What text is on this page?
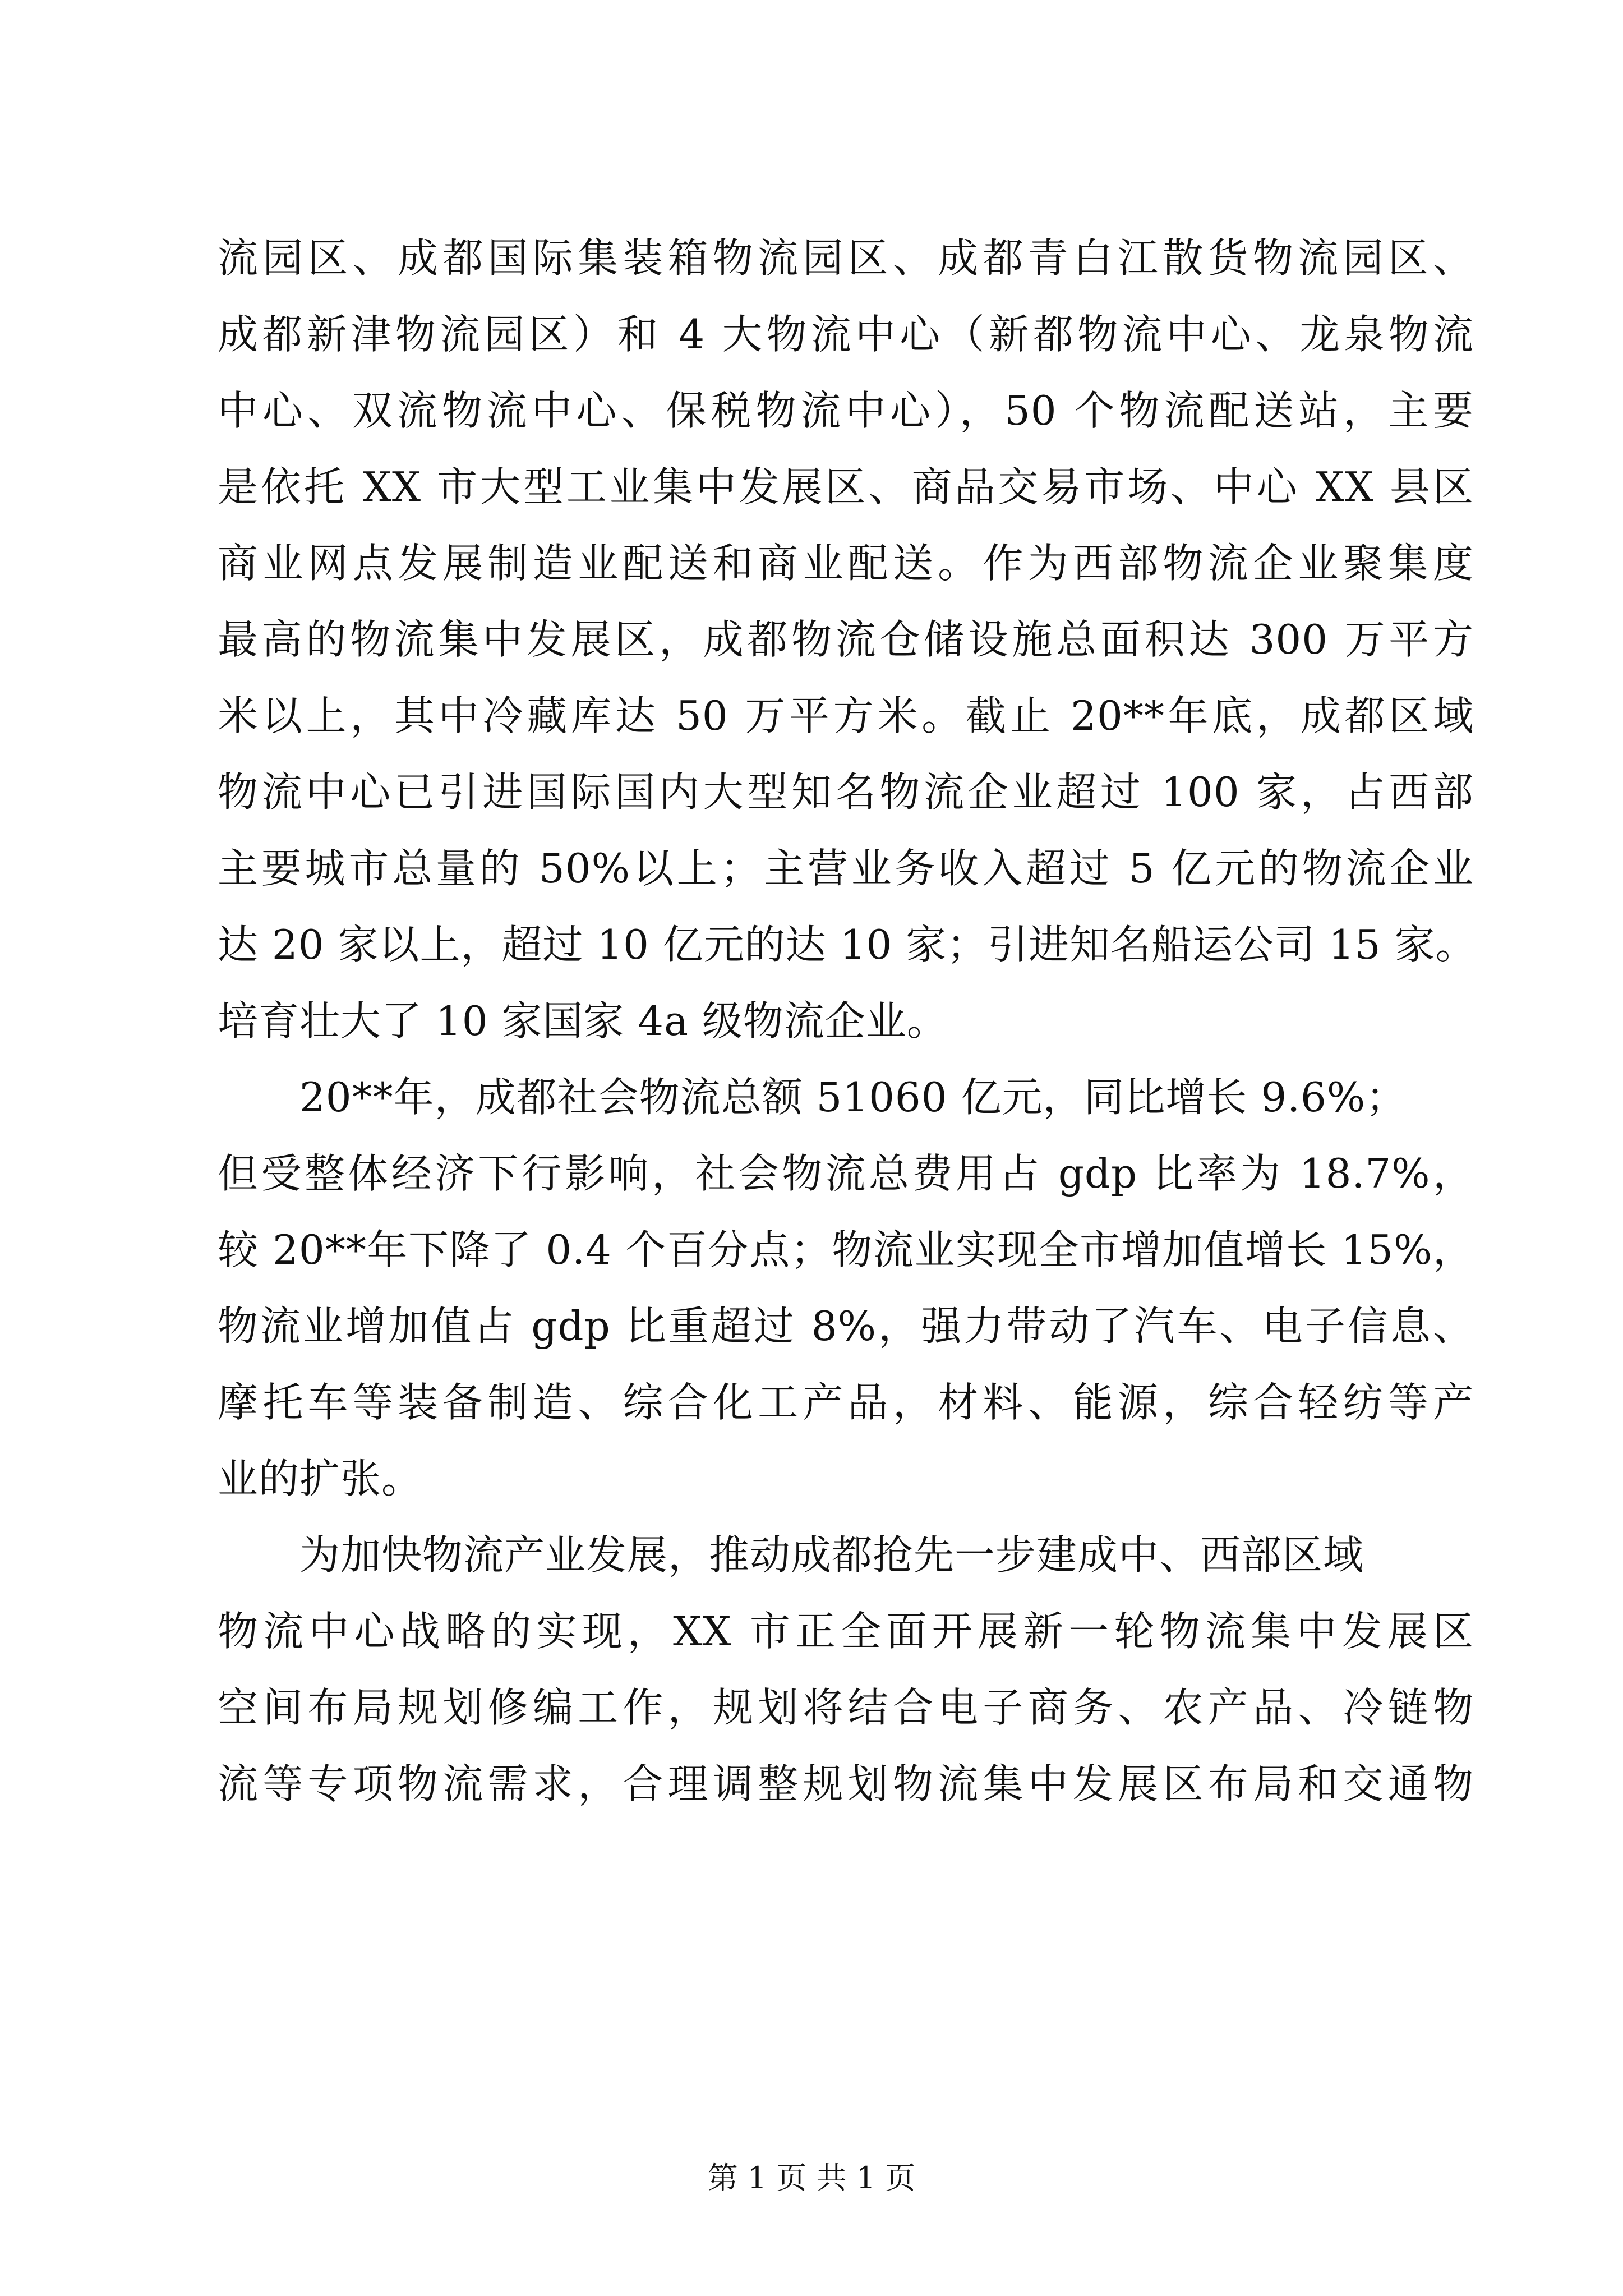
流园区、成都国际集装箱物流园区、成都青白江散货物流园区、
成都新津物流园区）和 4 大物流中心（新都物流中心、龙泉物流
中心、双流物流中心、保税物流中心），50 个物流配送站，主要
是依托 XX 市大型工业集中发展区、商品交易市场、中心 XX 县区
商业网点发展制造业配送和商业配送。作为西部物流企业聚集度
最高的物流集中发展区，成都物流仓储设施总面积达 300 万平方
米以上，其中冷藏库达 50 万平方米。截止 20**年底，成都区域
物流中心已引进国际国内大型知名物流企业超过 100 家，占西部
主要城市总量的 50%以上；主营业务收入超过 5 亿元的物流企业
达 20 家以上，超过 10 亿元的达 10 家；引进知名船运公司 15 家。
培育壮大了 10 家国家 4a 级物流企业。
20**年，成都社会物流总额 51060 亿元，同比增长 9.6%；
但受整体经济下行影响，社会物流总费用占 gdp 比率为 18.7%，
较 20**年下降了 0.4 个百分点；物流业实现全市增加值增长 15%，
物流业增加值占 gdp 比重超过 8%，强力带动了汽车、电子信息、
摩托车等装备制造、综合化工产品，材料、能源，综合轻纺等产
业的扩张。
为加快物流产业发展，推动成都抢先一步建成中、西部区域
物流中心战略的实现，XX 市正全面开展新一轮物流集中发展区
空间布局规划修编工作，规划将结合电子商务、农产品、冷链物
流等专项物流需求，合理调整规划物流集中发展区布局和交通物
第 1 页 共 1 页
